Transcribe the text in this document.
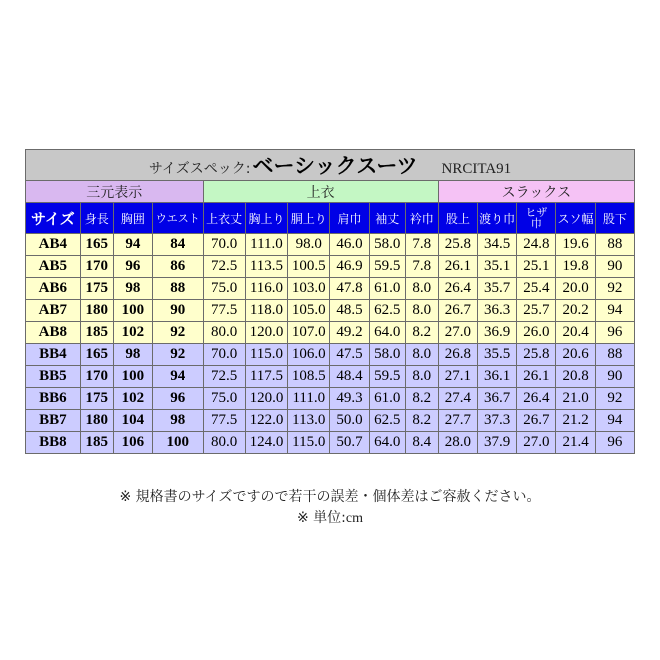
サイズスペック:ベーシックスーツ NRCITA91														
三元表示				上衣						スラックス				
サイズ	身長	胸囲	ウエスト	上衣丈	胸上り	胴上り	肩巾	袖丈	衿巾	股上	渡り巾	ヒザ巾	スソ幅	股下
AB4	165	94	84	70.0	111.0	98.0	46.0	58.0	7.8	25.8	34.5	24.8	19.6	88
AB5	170	96	86	72.5	113.5	100.5	46.9	59.5	7.8	26.1	35.1	25.1	19.8	90
AB6	175	98	88	75.0	116.0	103.0	47.8	61.0	8.0	26.4	35.7	25.4	20.0	92
AB7	180	100	90	77.5	118.0	105.0	48.5	62.5	8.0	26.7	36.3	25.7	20.2	94
AB8	185	102	92	80.0	120.0	107.0	49.2	64.0	8.2	27.0	36.9	26.0	20.4	96
BB4	165	98	92	70.0	115.0	106.0	47.5	58.0	8.0	26.8	35.5	25.8	20.6	88
BB5	170	100	94	72.5	117.5	108.5	48.4	59.5	8.0	27.1	36.1	26.1	20.8	90
BB6	175	102	96	75.0	120.0	111.0	49.3	61.0	8.2	27.4	36.7	26.4	21.0	92
BB7	180	104	98	77.5	122.0	113.0	50.0	62.5	8.2	27.7	37.3	26.7	21.2	94
BB8	185	106	100	80.0	124.0	115.0	50.7	64.0	8.4	28.0	37.9	27.0	21.4	96
※ 規格書のサイズですので若干の誤差・個体差はご容赦ください。
※ 単位:cm
